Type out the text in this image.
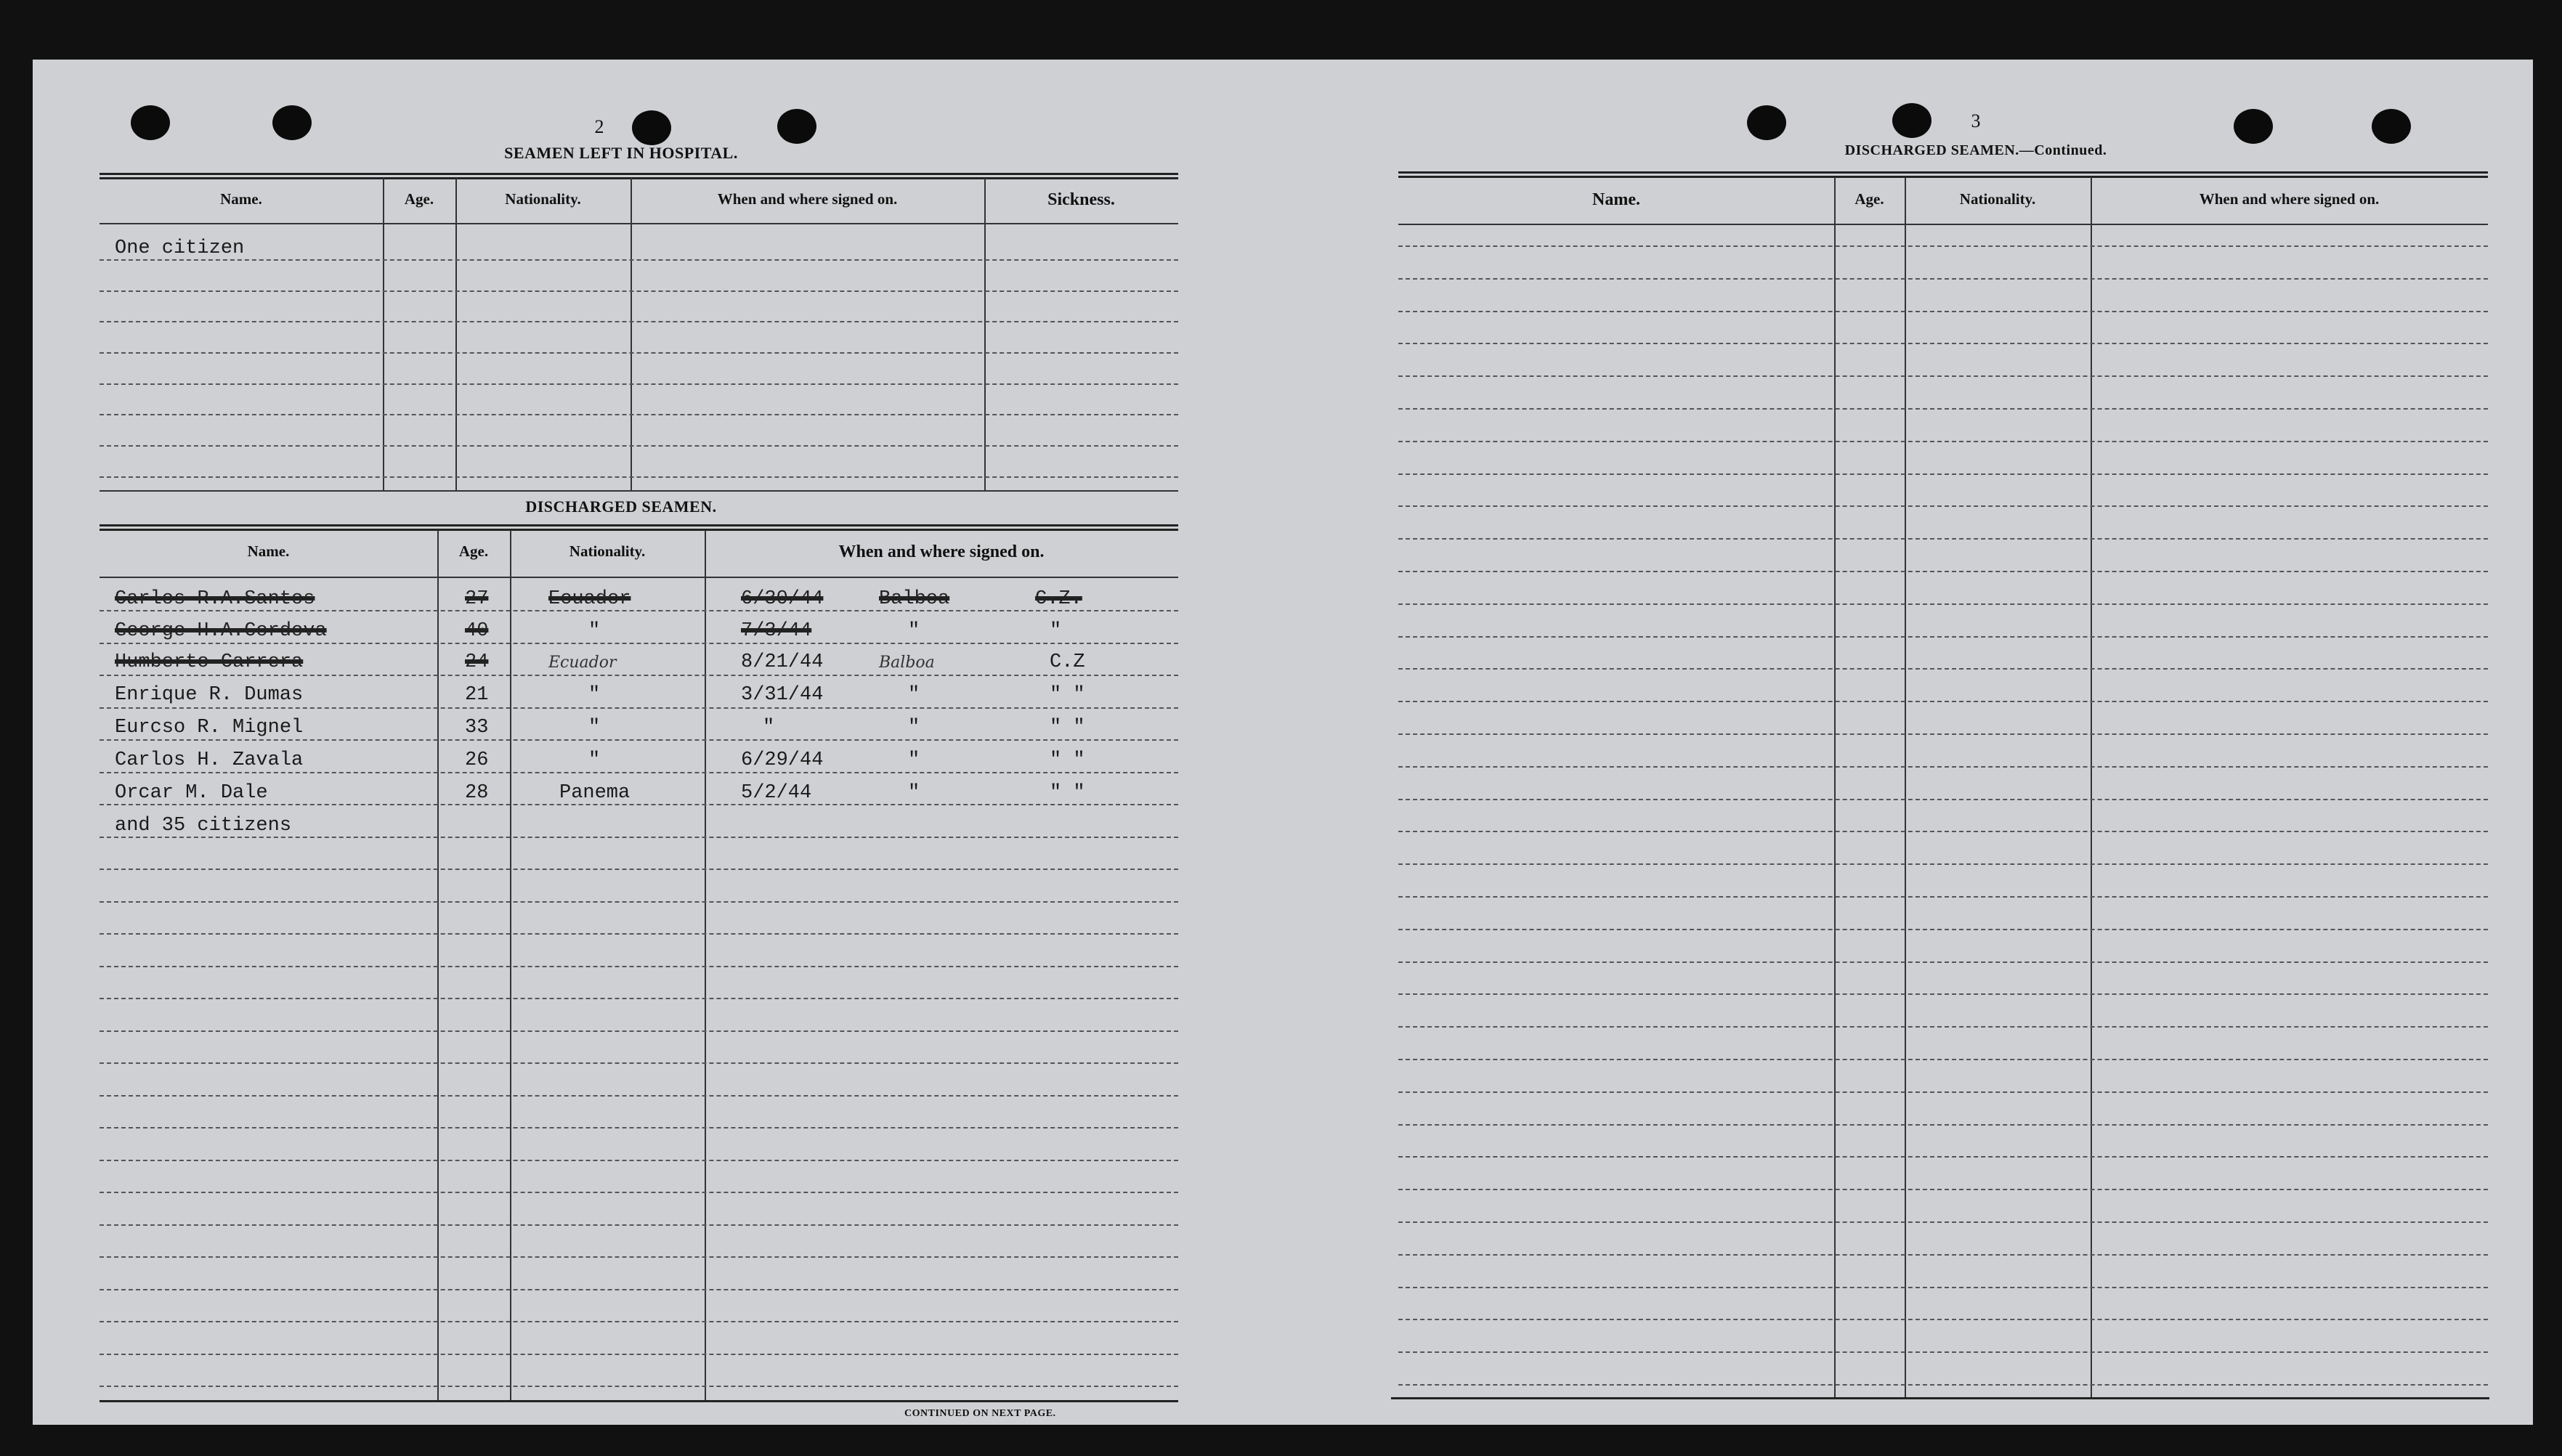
2
SEAMEN LEFT IN HOSPITAL.
Name.	Age.	Nationality.	When and where signed on.	Sickness.
One citizen
DISCHARGED SEAMEN.
Name.	Age.	Nationality.	When and where signed on.
Carlos R.A.Santos	27	Ecuador	6/30/44	Balboa	C.Z.
George H.A.Cordova	40	"	7/3/44	"	"
Humberto Carrera	24	Ecuador	8/21/44	Balboa	C.Z
Enrique R. Dumas	21	"	3/31/44	"	" "
Eurcso R. Mignel	33	"	"	"	" "
Carlos H. Zavala	26	"	6/29/44	"	" "
Orcar M. Dale	28	Panema	5/2/44	"	" "
and 35 citizens
CONTINUED ON NEXT PAGE.
3
DISCHARGED SEAMEN.—Continued.
Name.	Age.	Nationality.	When and where signed on.
